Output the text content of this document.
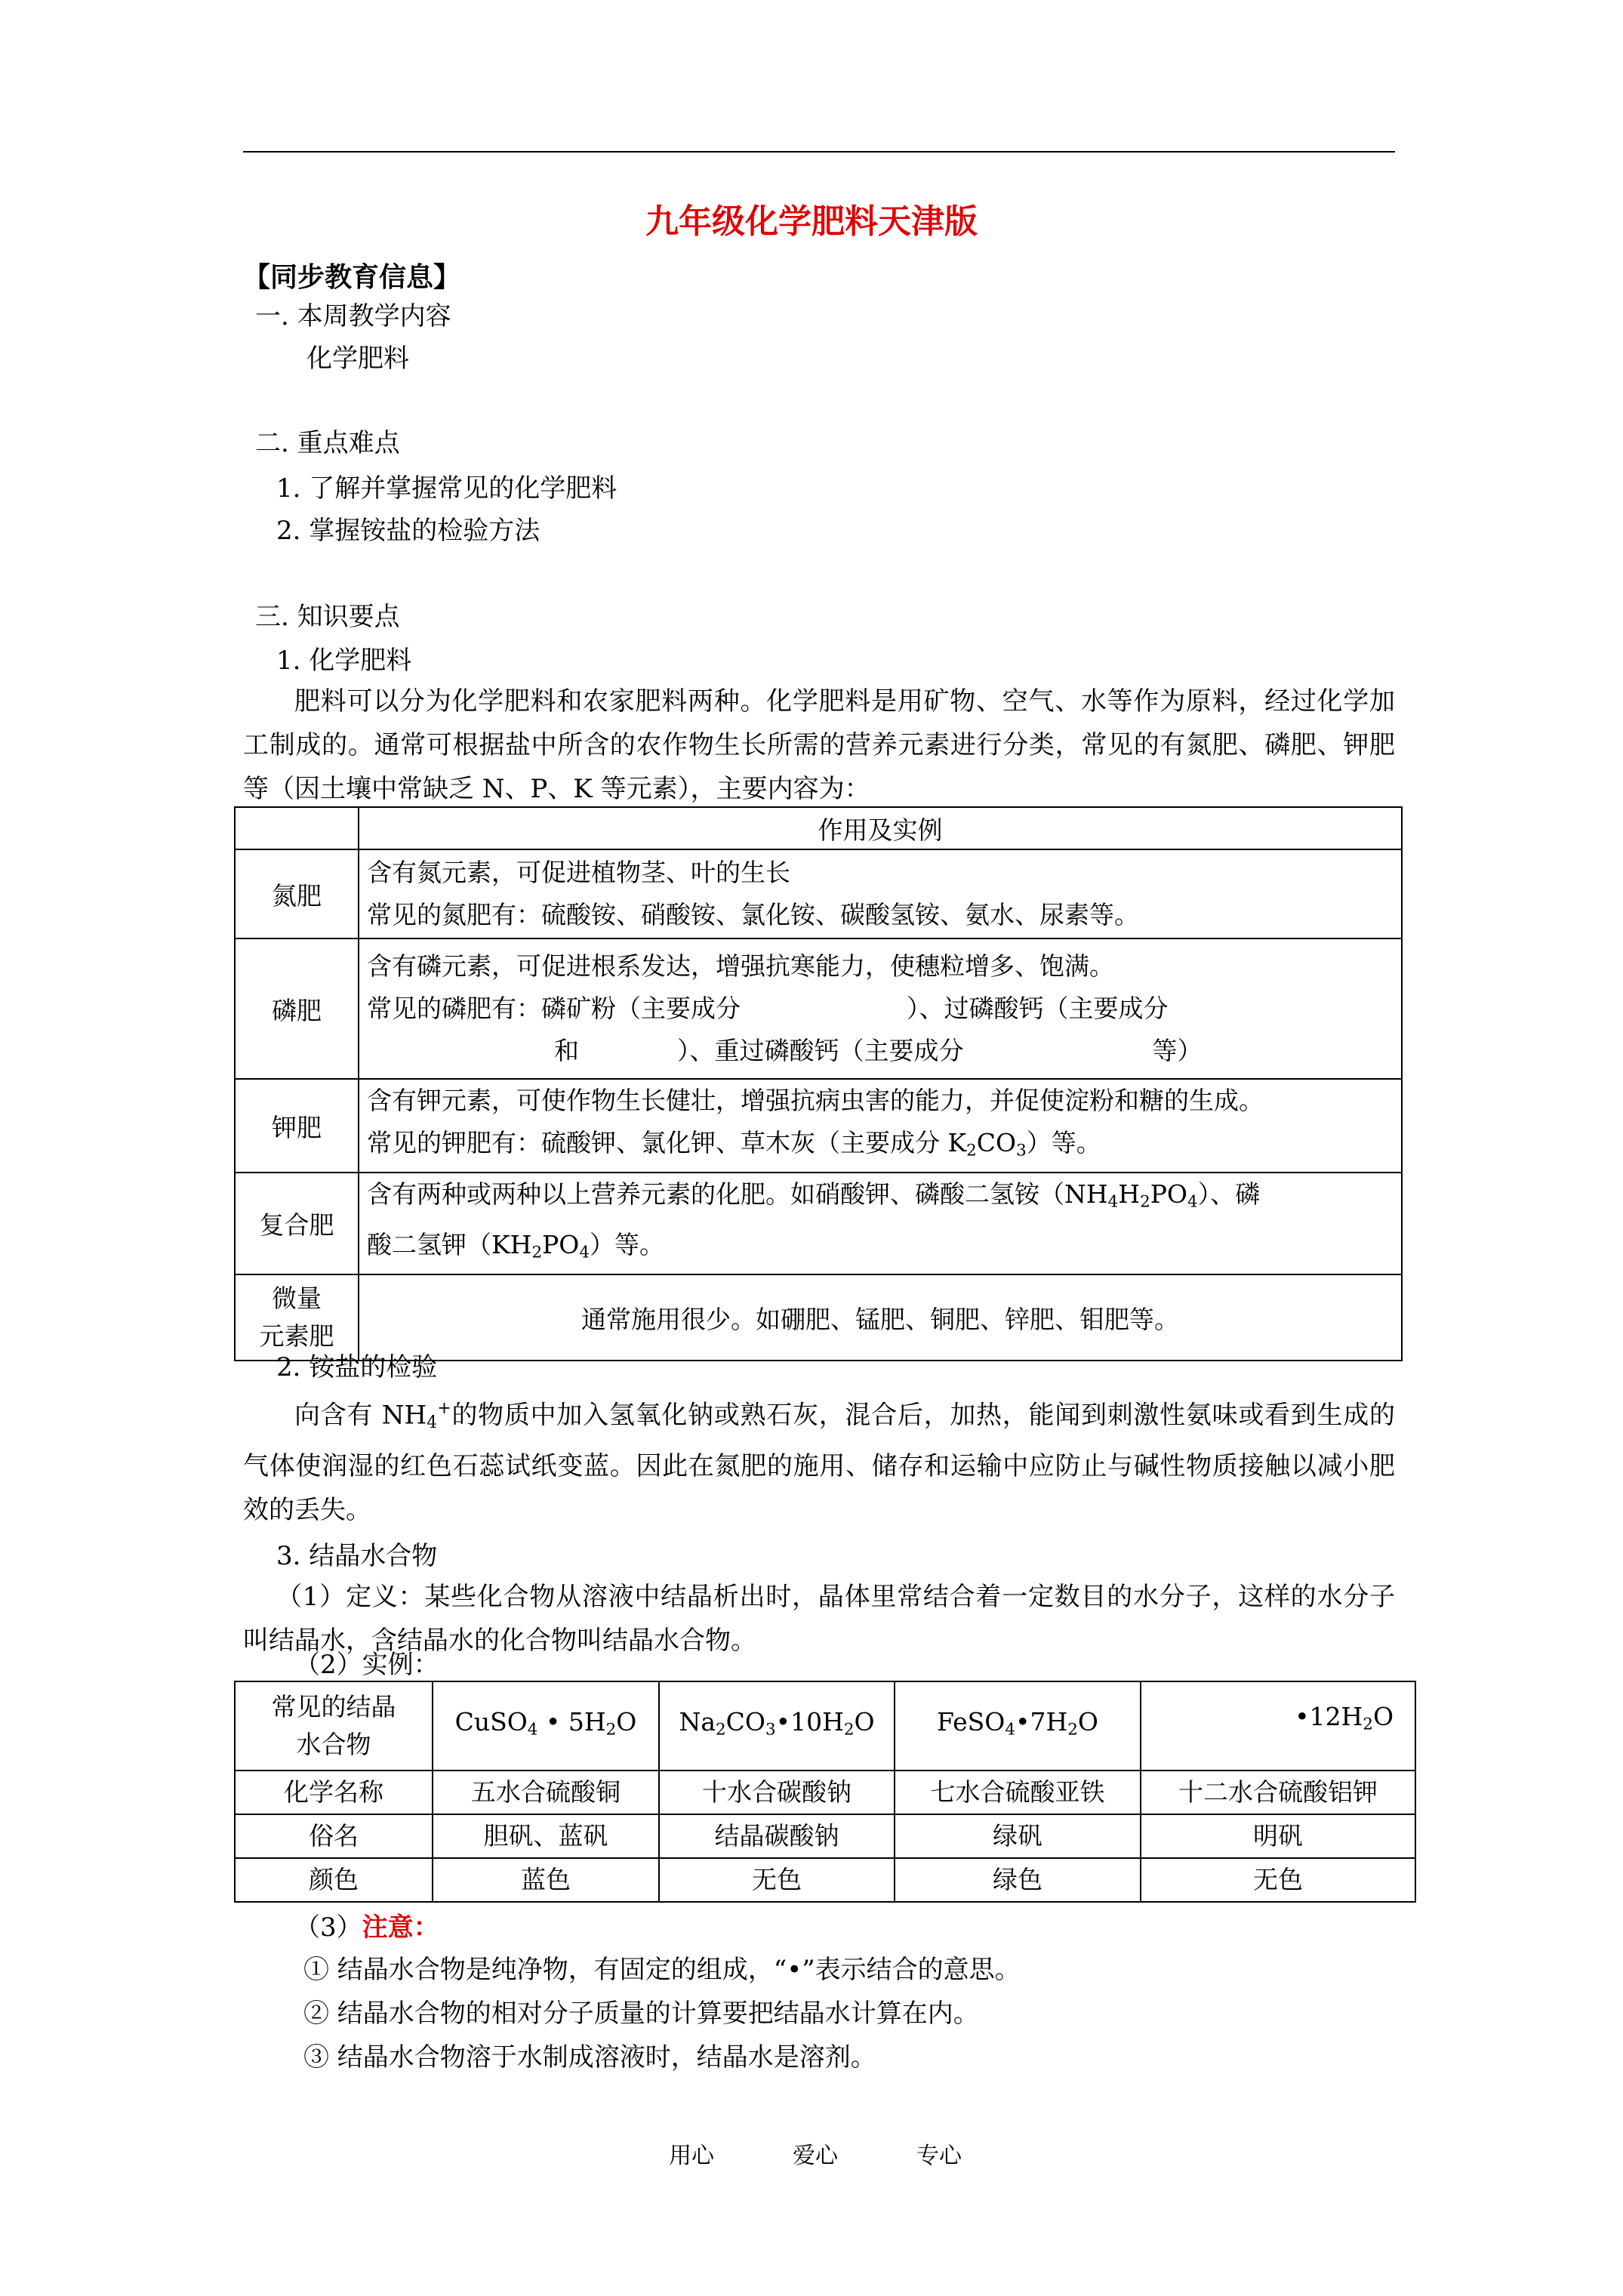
九年级化学肥料天津版
【同步教育信息】
一. 本周教学内容
化学肥料
二. 重点难点
1. 了解并掌握常见的化学肥料
2. 掌握铵盐的检验方法
三. 知识要点
1. 化学肥料
肥料可以分为化学肥料和农家肥料两种。化学肥料是用矿物、空气、水等作为原料，经过化学加工制成的。通常可根据盐中所含的农作物生长所需的营养元素进行分类，常见的有氮肥、磷肥、钾肥等（因土壤中常缺乏 N、P、K 等元素），主要内容为：
	作用及实例
氮肥	含有氮元素，可促进植物茎、叶的生长
常见的氮肥有：硫酸铵、硝酸铵、氯化铵、碳酸氢铵、氨水、尿素等。

磷肥	含有磷元素，可促进根系发达，增强抗寒能力，使穗粒增多、饱满。
常见的磷肥有：磷矿粉（主要成分 ）、过磷酸钙（主要成分
和 ）、重过磷酸钙（主要成分 等）

钾肥	含有钾元素，可使作物生长健壮，增强抗病虫害的能力，并促使淀粉和糖的生成。
常见的钾肥有：硫酸钾、氯化钾、草木灰（主要成分 $K_2CO_3$）等。

复合肥	含有两种或两种以上营养元素的化肥。如硝酸钾、磷酸二氢铵$(NH_4H_2PO_4)$、磷
酸二氢钾$(KH_2PO_4)$等。

微量
元素肥	通常施用很少。如硼肥、锰肥、铜肥、锌肥、钼肥等。
2. 铵盐的检验
向含有 $NH_4^+$的物质中加入氢氧化钠或熟石灰，混合后，加热，能闻到刺激性氨味或看到生成的气体使润湿的红色石蕊试纸变蓝。因此在氮肥的施用、储存和运输中应防止与碱性物质接触以减小肥效的丢失。
3. 结晶水合物
（1）定义：某些化合物从溶液中结晶析出时，晶体里常结合着一定数目的水分子，这样的水分子叫结晶水，含结晶水的化合物叫结晶水合物。
（2）实例：
常见的结晶
水合物	CuSO$_4$ • $5H_2O$	$Na_2CO_3•10H_2O$	$FeSO_4•7H_2O$	$•12H_2O$
化学名称	五水合硫酸铜	十水合碳酸钠	七水合硫酸亚铁	十二水合硫酸铝钾
俗名	胆矾、蓝矾	结晶碳酸钠	绿矾	明矾
颜色	蓝色	无色	绿色	无色
（3）注意：
① 结晶水合物是纯净物，有固定的组成，“•”表示结合的意思。
② 结晶水合物的相对分子质量的计算要把结晶水计算在内。
③ 结晶水合物溶于水制成溶液时，结晶水是溶剂。
用心	爱心	专心
